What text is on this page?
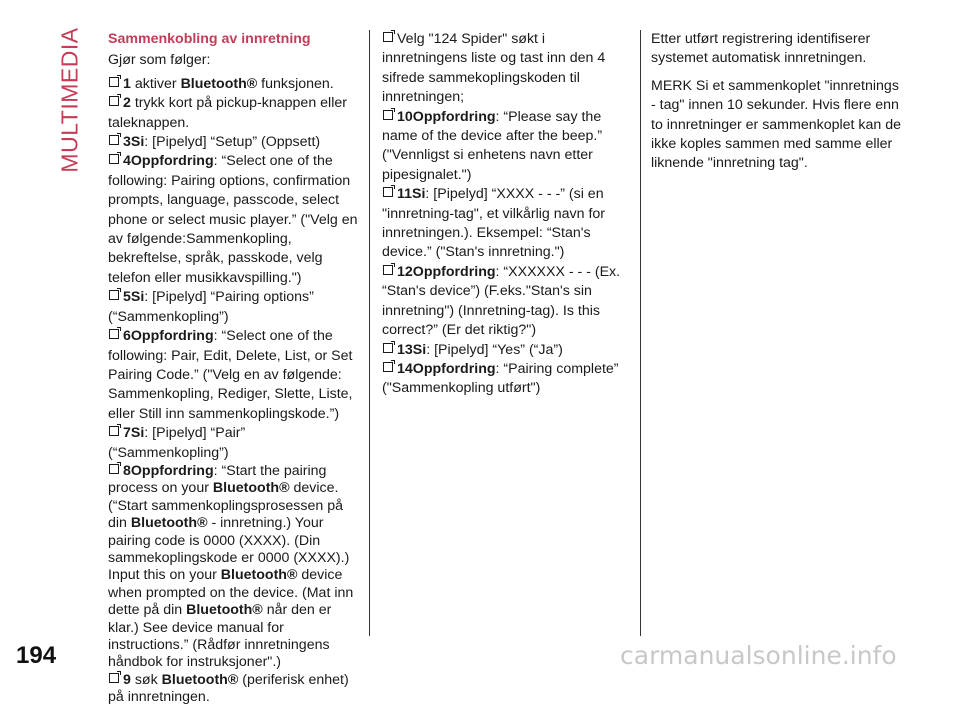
MULTIMEDIA Sammenkobling av innretning

Gjør som følger:

1 aktiver Bluetooth® funksjonen.

2 trykk kort på pickup-knappen eller taleknappen.

3Si: [Pipelyd] “Setup” (Oppsett)

4Oppfordring: “Select one of the following: Pairing options, confirmation prompts, language, passcode, select phone or select music player.” ("Velg en av følgende:Sammenkopling, bekreftelse, språk, passkode, velg telefon eller musikkavspilling.")

5Si: [Pipelyd] “Pairing options” (“Sammenkopling”)

6Oppfordring: “Select one of the following: Pair, Edit, Delete, List, or Set Pairing Code.” ("Velg en av følgende: Sammenkopling, Rediger, Slette, Liste, eller Still inn sammenkoplingskode.”)

7Si: [Pipelyd] “Pair” (“Sammenkopling”)

8Oppfordring: “Start the pairing process on your Bluetooth® device. (“Start sammenkoplingsprosessen på din Bluetooth® - innretning.) Your pairing code is 0000 (XXXX). (Din sammekoplingskode er 0000 (XXXX).) Input this on your Bluetooth® device when prompted on the device. (Mat inn dette på din Bluetooth® når den er klar.) See device manual for instructions.” (Rådfør innretningens håndbok for instruksjoner".)

9 søk Bluetooth® (periferisk enhet) på innretningen.

Velg "124 Spider" søkt i innretningens liste og tast inn den 4 sifrede sammekoplingskoden til innretningen;

10Oppfordring: “Please say the name of the device after the beep.” ("Vennligst si enhetens navn etter pipesignalet.")

11Si: [Pipelyd] “XXXX - - -” (si en "innretning-tag", et vilkårlig navn for innretningen.). Eksempel: “Stan's device.” ("Stan's innretning.")

12Oppfordring: “XXXXXX - - - (Ex. “Stan's device”) (F.eks."Stan's sin innretning") (Innretning-tag). Is this correct?” (Er det riktig?")

13Si: [Pipelyd] “Yes” (“Ja”)

14Oppfordring: “Pairing complete” ("Sammenkopling utført")

Etter utført registrering identifiserer systemet automatisk innretningen.

MERK Si et sammenkoplet "innretnings - tag" innen 10 sekunder. Hvis flere enn to innretninger er sammenkoplet kan de ikke koples sammen med samme eller liknende "innretning tag".

194	carmanualsonline.info
